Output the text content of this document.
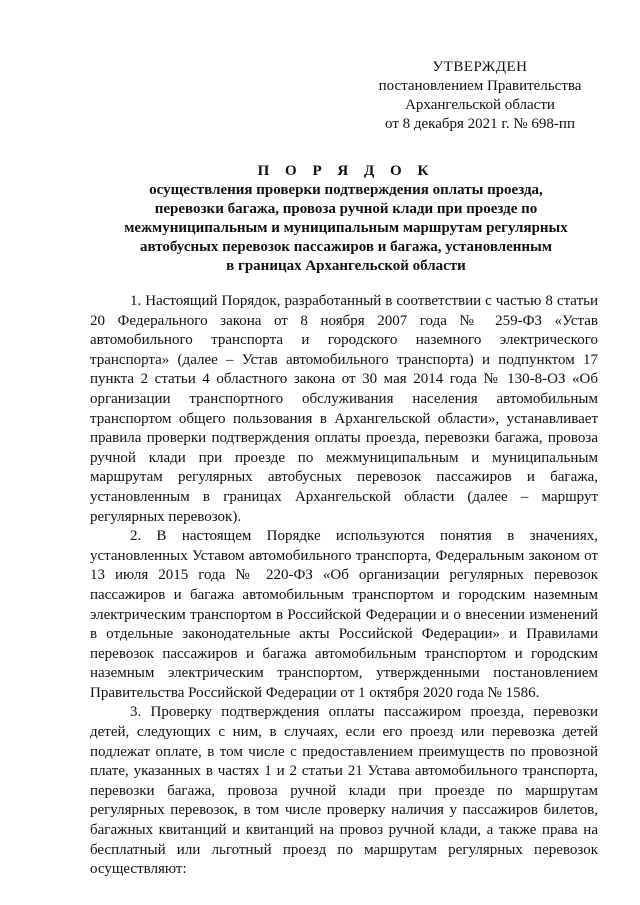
УТВЕРЖДЕН
постановлением Правительства
Архангельской области
от 8 декабря 2021 г. № 698-пп
П О Р Я Д О К
осуществления проверки подтверждения оплаты проезда,
перевозки багажа, провоза ручной клади при проезде по
межмуниципальным и муниципальным маршрутам регулярных
автобусных перевозок пассажиров и багажа, установленным
в границах Архангельской области

1. Настоящий Порядок, разработанный в соответствии с частью 8 статьи 20 Федерального закона от 8 ноября 2007 года № 259-ФЗ «Устав автомобильного транспорта и городского наземного электрического транспорта» (далее – Устав автомобильного транспорта) и подпунктом 17 пункта 2 статьи 4 областного закона от 30 мая 2014 года № 130-8-ОЗ «Об организации транспортного обслуживания населения автомобильным транспортом общего пользования в Архангельской области», устанавливает правила проверки подтверждения оплаты проезда, перевозки багажа, провоза ручной клади при проезде по межмуниципальным и муниципальным маршрутам регулярных автобусных перевозок пассажиров и багажа, установленным в границах Архангельской области (далее – маршрут регулярных перевозок).

2. В настоящем Порядке используются понятия в значениях, установленных Уставом автомобильного транспорта, Федеральным законом от 13 июля 2015 года № 220-ФЗ «Об организации регулярных перевозок пассажиров и багажа автомобильным транспортом и городским наземным электрическим транспортом в Российской Федерации и о внесении изменений в отдельные законодательные акты Российской Федерации» и Правилами перевозок пассажиров и багажа автомобильным транспортом и городским наземным электрическим транспортом, утвержденными постановлением Правительства Российской Федерации от 1 октября 2020 года № 1586.

3. Проверку подтверждения оплаты пассажиром проезда, перевозки детей, следующих с ним, в случаях, если его проезд или перевозка детей подлежат оплате, в том числе с предоставлением преимуществ по провозной плате, указанных в частях 1 и 2 статьи 21 Устава автомобильного транспорта, перевозки багажа, провоза ручной клади при проезде по маршрутам регулярных перевозок, в том числе проверку наличия у пассажиров билетов, багажных квитанций и квитанций на провоз ручной клади, а также права на бесплатный или льготный проезд по маршрутам регулярных перевозок осуществляют:
